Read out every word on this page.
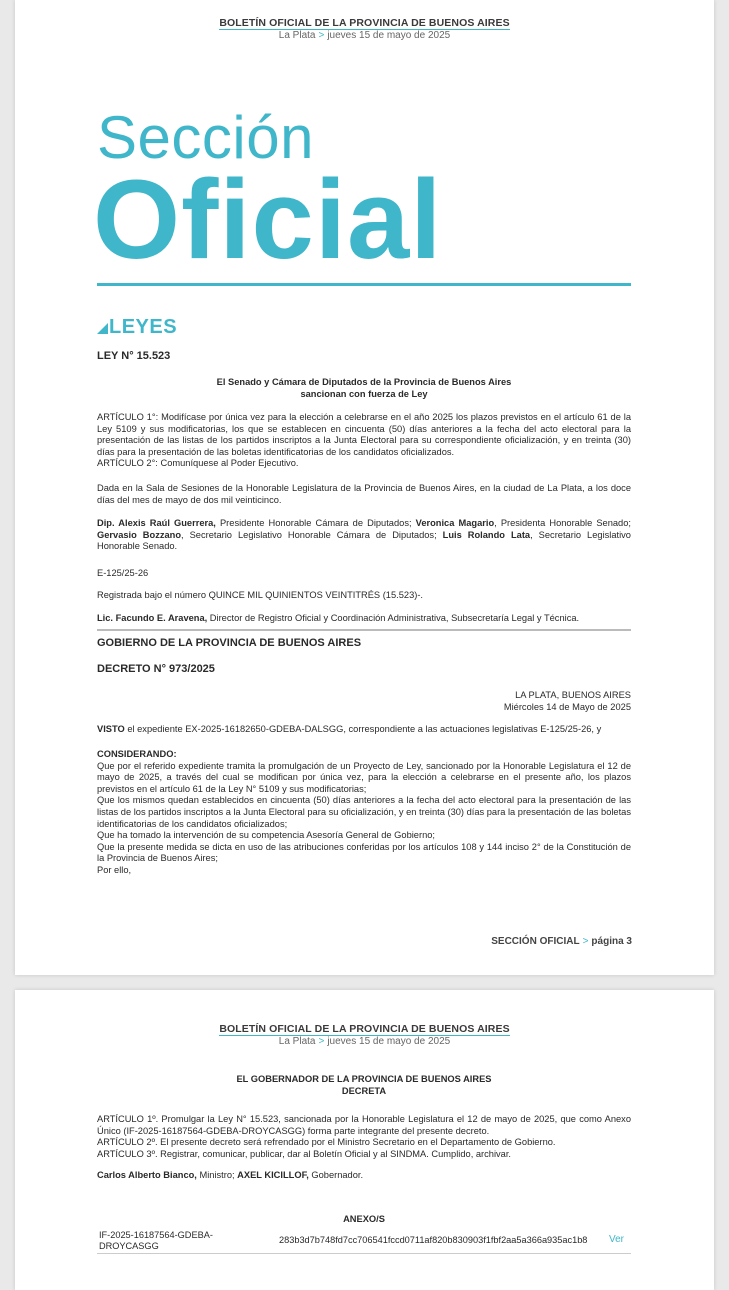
BOLETÍN OFICIAL DE LA PROVINCIA DE BUENOS AIRES
La Plata > jueves 15 de mayo de 2025
Sección
Oficial
LEYES
LEY N° 15.523
El Senado y Cámara de Diputados de la Provincia de Buenos Aires
sancionan con fuerza de Ley
ARTÍCULO 1°: Modifícase por única vez para la elección a celebrarse en el año 2025 los plazos previstos en el artículo 61 de la Ley 5109 y sus modificatorias, los que se establecen en cincuenta (50) días anteriores a la fecha del acto electoral para la presentación de las listas de los partidos inscriptos a la Junta Electoral para su correspondiente oficialización, y en treinta (30) días para la presentación de las boletas identificatorias de los candidatos oficializados.
ARTÍCULO 2°: Comuníquese al Poder Ejecutivo.
Dada en la Sala de Sesiones de la Honorable Legislatura de la Provincia de Buenos Aires, en la ciudad de La Plata, a los doce días del mes de mayo de dos mil veinticinco.
Dip. Alexis Raúl Guerrera, Presidente Honorable Cámara de Diputados; Veronica Magario, Presidenta Honorable Senado; Gervasio Bozzano, Secretario Legislativo Honorable Cámara de Diputados; Luis Rolando Lata, Secretario Legislativo Honorable Senado.
E-125/25-26
Registrada bajo el número QUINCE MIL QUINIENTOS VEINTITRÉS (15.523)-.
Lic. Facundo E. Aravena, Director de Registro Oficial y Coordinación Administrativa, Subsecretaría Legal y Técnica.
GOBIERNO DE LA PROVINCIA DE BUENOS AIRES
DECRETO N° 973/2025
LA PLATA, BUENOS AIRES
Miércoles 14 de Mayo de 2025
VISTO el expediente EX-2025-16182650-GDEBA-DALSGG, correspondiente a las actuaciones legislativas E-125/25-26, y
CONSIDERANDO:
Que por el referido expediente tramita la promulgación de un Proyecto de Ley, sancionado por la Honorable Legislatura el 12 de mayo de 2025, a través del cual se modifican por única vez, para la elección a celebrarse en el presente año, los plazos previstos en el artículo 61 de la Ley N° 5109 y sus modificatorias;
Que los mismos quedan establecidos en cincuenta (50) días anteriores a la fecha del acto electoral para la presentación de las listas de los partidos inscriptos a la Junta Electoral para su oficialización, y en treinta (30) días para la presentación de las boletas identificatorias de los candidatos oficializados;
Que ha tomado la intervención de su competencia Asesoría General de Gobierno;
Que la presente medida se dicta en uso de las atribuciones conferidas por los artículos 108 y 144 inciso 2° de la Constitución de la Provincia de Buenos Aires;
Por ello,
SECCIÓN OFICIAL > página 3
BOLETÍN OFICIAL DE LA PROVINCIA DE BUENOS AIRES
La Plata > jueves 15 de mayo de 2025
EL GOBERNADOR DE LA PROVINCIA DE BUENOS AIRES
DECRETA
ARTÍCULO 1º. Promulgar la Ley N° 15.523, sancionada por la Honorable Legislatura el 12 de mayo de 2025, que como Anexo Único (IF-2025-16187564-GDEBA-DROYCASGG) forma parte integrante del presente decreto.
ARTÍCULO 2º. El presente decreto será refrendado por el Ministro Secretario en el Departamento de Gobierno.
ARTÍCULO 3º. Registrar, comunicar, publicar, dar al Boletín Oficial y al SINDMA. Cumplido, archivar.
Carlos Alberto Bianco, Ministro; AXEL KICILLOF, Gobernador.
ANEXO/S
IF-2025-16187564-GDEBA-DROYCASGG
283b3d7b748fd7cc706541fccd0711af820b830903f1fbf2aa5a366a935ac1b8 Ver
